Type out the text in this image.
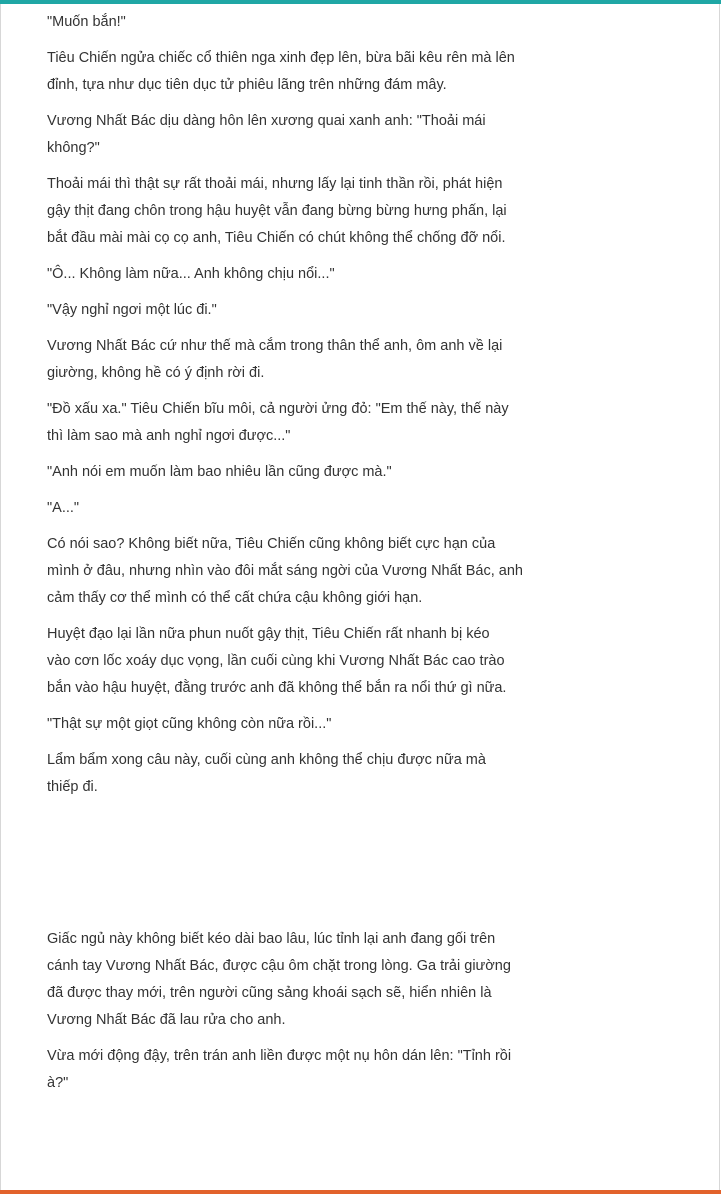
"Muốn bắn!"

Tiêu Chiến ngửa chiếc cổ thiên nga xinh đẹp lên, bừa bãi kêu rên mà lên
đỉnh, tựa như dục tiên dục tử phiêu lãng trên những đám mây.

Vương Nhất Bác dịu dàng hôn lên xương quai xanh anh: "Thoải mái
không?"

Thoải mái thì thật sự rất thoải mái, nhưng lấy lại tinh thần rồi, phát hiện
gậy thịt đang chôn trong hậu huyệt vẫn đang bừng bừng hưng phấn, lại
bắt đầu mài mài cọ cọ anh, Tiêu Chiến có chút không thể chống đỡ nổi.

"Ô... Không làm nữa... Anh không chịu nổi..."

"Vậy nghỉ ngơi một lúc đi."

Vương Nhất Bác cứ như thế mà cắm trong thân thể anh, ôm anh về lại
giường, không hề có ý định rời đi.

"Đồ xấu xa." Tiêu Chiến bĩu môi, cả người ửng đỏ: "Em thế này, thế này
thì làm sao mà anh nghỉ ngơi được..."

"Anh nói em muốn làm bao nhiêu lần cũng được mà."

"A..."

Có nói sao? Không biết nữa, Tiêu Chiến cũng không biết cực hạn của
mình ở đâu, nhưng nhìn vào đôi mắt sáng ngời của Vương Nhất Bác, anh
cảm thấy cơ thể mình có thể cất chứa cậu không giới hạn.

Huyệt đạo lại lần nữa phun nuốt gậy thịt, Tiêu Chiến rất nhanh bị kéo
vào cơn lốc xoáy dục vọng, lần cuối cùng khi Vương Nhất Bác cao trào
bắn vào hậu huyệt, đằng trước anh đã không thể bắn ra nổi thứ gì nữa.

"Thật sự một giọt cũng không còn nữa rồi..."

Lẩm bẩm xong câu này, cuối cùng anh không thể chịu được nữa mà
thiếp đi.

Giấc ngủ này không biết kéo dài bao lâu, lúc tỉnh lại anh đang gối trên
cánh tay Vương Nhất Bác, được cậu ôm chặt trong lòng. Ga trải giường
đã được thay mới, trên người cũng sảng khoái sạch sẽ, hiển nhiên là
Vương Nhất Bác đã lau rửa cho anh.

Vừa mới động đậy, trên trán anh liền được một nụ hôn dán lên: "Tỉnh rồi
à?"
